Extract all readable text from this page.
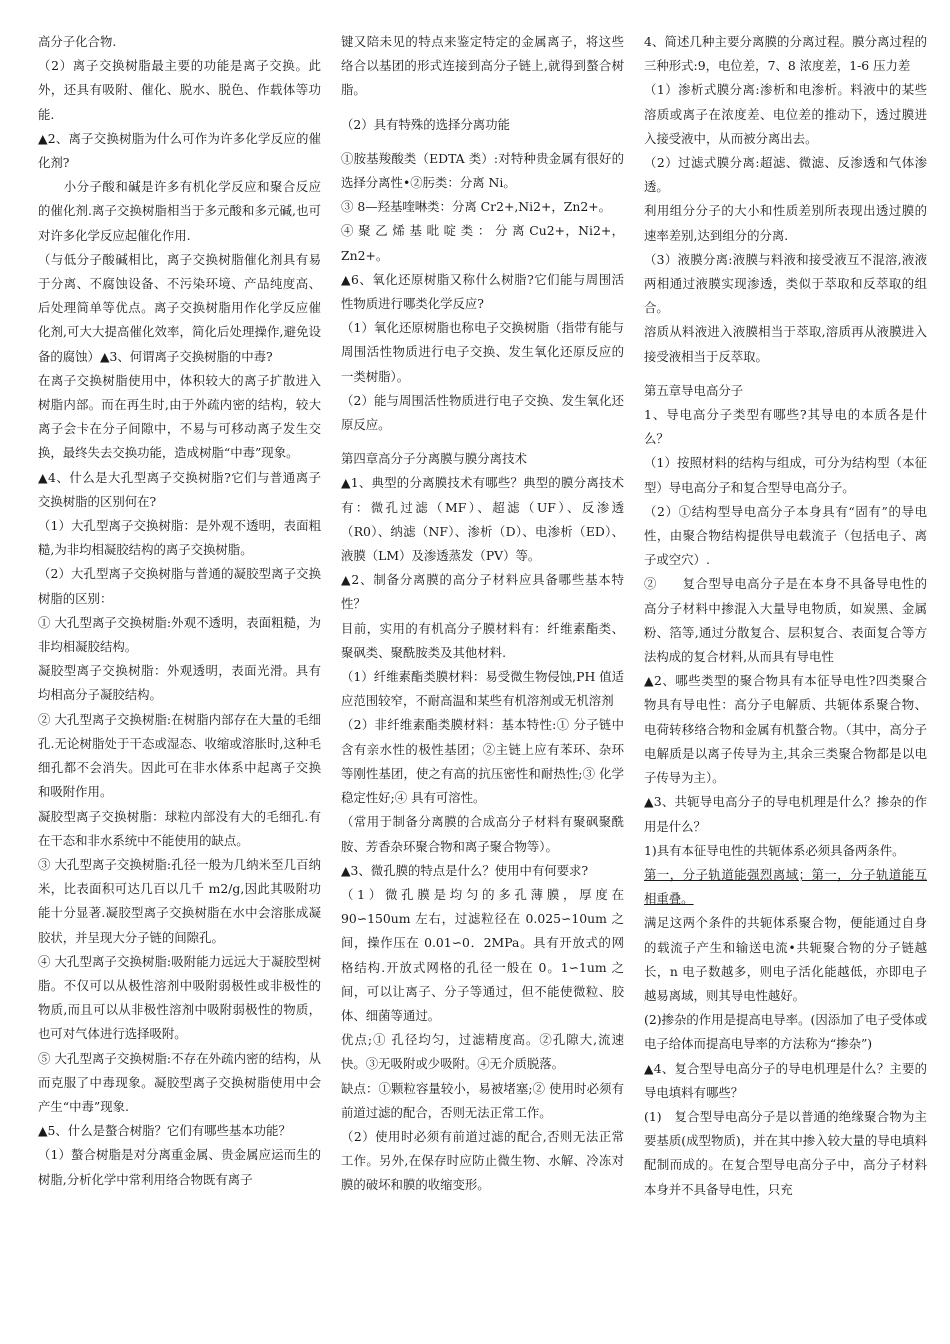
高分子化合物.

（2）离子交换树脂最主要的功能是离子交换。此外，还具有吸附、催化、脱水、脱色、作载体等功能.

▲2、离子交换树脂为什么可作为许多化学反应的催化剂?

　　小分子酸和碱是许多有机化学反应和聚合反应的催化剂.离子交换树脂相当于多元酸和多元碱,也可对许多化学反应起催化作用.

（与低分子酸碱相比，离子交换树脂催化剂具有易于分离、不腐蚀设备、不污染环境、产品纯度高、后处理简单等优点。离子交换树脂用作化学反应催化剂,可大大提高催化效率，简化后处理操作,避免设备的腐蚀）▲3、何谓离子交换树脂的中毒?

在离子交换树脂使用中，体积较大的离子扩散进入树脂内部。而在再生时,由于外疏内密的结构，较大离子会卡在分子间隙中，不易与可移动离子发生交换，最终失去交换功能，造成树脂“中毒”现象。

▲4、什么是大孔型离子交换树脂?它们与普通离子交换树脂的区别何在?

（1）大孔型离子交换树脂：是外观不透明，表面粗糙,为非均相凝胶结构的离子交换树脂。

（2）大孔型离子交换树脂与普通的凝胶型离子交换树脂的区别：

① 大孔型离子交换树脂:外观不透明，表面粗糙，为非均相凝胶结构。

凝胶型离子交换树脂：外观透明，表面光滑。具有均相高分子凝胶结构。

② 大孔型离子交换树脂:在树脂内部存在大量的毛细孔.无论树脂处于干态或湿态、收缩或溶胀时,这种毛细孔都不会消失。因此可在非水体系中起离子交换和吸附作用。

凝胶型离子交换树脂：球粒内部没有大的毛细孔.有在干态和非水系统中不能使用的缺点。

③ 大孔型离子交换树脂:孔径一般为几纳米至几百纳米，比表面积可达几百以几千 m2/g,因此其吸附功能十分显著.凝胶型离子交换树脂在水中会溶胀成凝胶状，并呈现大分子链的间隙孔。

④ 大孔型离子交换树脂:吸附能力远远大于凝胶型树脂。不仅可以从极性溶剂中吸附弱极性或非极性的物质,而且可以从非极性溶剂中吸附弱极性的物质，也可对气体进行选择吸附。

⑤ 大孔型离子交换树脂:不存在外疏内密的结构，从而克服了中毒现象。凝胶型离子交换树脂使用中会产生“中毒”现象.

▲5、什么是螯合树脂？它们有哪些基本功能？

（1）螯合树脂是对分离重金属、贵金属应运而生的树脂,分析化学中常利用络合物既有离子

键又陪未见的特点来鉴定特定的金属离子，将这些络合以基团的形式连接到高分子链上,就得到螯合树脂。

（2）具有特殊的选择分离功能

①胺基羧酸类（EDTA 类）:对特种贵金属有很好的选择分离性•②肟类：分离 Ni。

③ 8—羟基喹啉类：分离 Cr2+,Ni2+，Zn2+。

④ 聚 乙 烯 基 吡 啶 类 ： 分 离 Cu2+，Ni2+，Zn2+。

▲6、氧化还原树脂又称什么树脂?它们能与周围活性物质进行哪类化学反应?

（1）氧化还原树脂也称电子交换树脂（指带有能与周围活性物质进行电子交换、发生氧化还原反应的一类树脂）。

（2）能与周围活性物质进行电子交换、发生氧化还原反应。

第四章高分子分离膜与膜分离技术

▲1、典型的分离膜技术有哪些？典型的膜分离技术有：微孔过滤（MF）、超滤（UF）、反渗透（R0）、纳滤（NF）、渗析（D）、电渗析（ED）、液膜（LM）及渗透蒸发（PV）等。

▲2、制备分离膜的高分子材料应具备哪些基本特性？

目前，实用的有机高分子膜材料有：纤维素酯类、聚砜类、聚酰胺类及其他材料.

（1）纤维素酯类膜材料：易受微生物侵蚀,PH 值适应范围较窄，不耐高温和某些有机溶剂或无机溶剂

（2）非纤维素酯类膜材料：基本特性:① 分子链中含有亲水性的极性基团；②主链上应有苯环、杂环等刚性基团，使之有高的抗压密性和耐热性;③ 化学稳定性好;④ 具有可溶性。

（常用于制备分离膜的合成高分子材料有聚砜聚酰胺、芳香杂环聚合物和离子聚合物等）。

▲3、微孔膜的特点是什么？使用中有何要求?

（1）微孔膜是均匀的多孔薄膜，厚度在 90∽150um 左右，过滤粒径在 0.025∽10um 之间，操作压在 0.01∽0．2MPa。具有开放式的网格结构.开放式网格的孔径一般在 0。1∽1um 之间，可以让离子、分子等通过，但不能使微粒、胶体、细菌等通过。

优点;① 孔径均匀，过滤精度高。②孔隙大,流速快。③无吸附或少吸附。④无介质脱落。

缺点：①颗粒容量较小，易被堵塞;② 使用时必须有前道过滤的配合，否则无法正常工作。

（2）使用时必须有前道过滤的配合,否则无法正常工作。另外,在保存时应防止微生物、水解、冷冻对膜的破坏和膜的收缩变形。

4、简述几种主要分离膜的分离过程。膜分离过程的三种形式:9，电位差，7、8 浓度差，1-6 压力差

（1）渗析式膜分离:渗析和电渗析。料液中的某些溶质或离子在浓度差、电位差的推动下，透过膜进入接受液中，从而被分离出去。

（2）过滤式膜分离:超滤、微滤、反渗透和气体渗透。

利用组分分子的大小和性质差别所表现出透过膜的速率差别,达到组分的分离.

（3）液膜分离:液膜与料液和接受液互不混溶,液液两相通过液膜实现渗透，类似于萃取和反萃取的组合。

溶质从料液进入液膜相当于萃取,溶质再从液膜进入接受液相当于反萃取。

第五章导电高分子

1、导电高分子类型有哪些?其导电的本质各是什么？

（1）按照材料的结构与组成，可分为结构型（本征型）导电高分子和复合型导电高分子。

（2）①结构型导电高分子本身具有“固有”的导电性，由聚合物结构提供导电载流子（包括电子、离子或空穴）.

②　　复合型导电高分子是在本身不具备导电性的高分子材料中掺混入大量导电物质，如炭黑、金属粉、箔等,通过分散复合、层积复合、表面复合等方法构成的复合材料,从而具有导电性

▲2、哪些类型的聚合物具有本征导电性?四类聚合物具有导电性：高分子电解质、共轭体系聚合物、电荷转移络合物和金属有机螯合物。（其中，高分子电解质是以离子传导为主,其余三类聚合物都是以电子传导为主）。

▲3、共轭导电高分子的导电机理是什么？掺杂的作用是什么？

1)具有本征导电性的共轭体系必须具备两条件。

第一，分子轨道能强烈离域；第一，分子轨道能互相重叠。

满足这两个条件的共轭体系聚合物，便能通过自身的载流子产生和输送电流•共轭聚合物的分子链越长，n 电子数越多，则电子活化能越低，亦即电子越易离域，则其导电性越好。

(2)掺杂的作用是提高电导率。(因添加了电子受体或电子给体而提高电导率的方法称为“掺杂”)

▲4、复合型导电高分子的导电机理是什么？主要的导电填料有哪些？

(1)　复合型导电高分子是以普通的绝缘聚合物为主要基质(成型物质)，并在其中掺入较大量的导电填料配制而成的。在复合型导电高分子中，高分子材料本身并不具备导电性，只充
